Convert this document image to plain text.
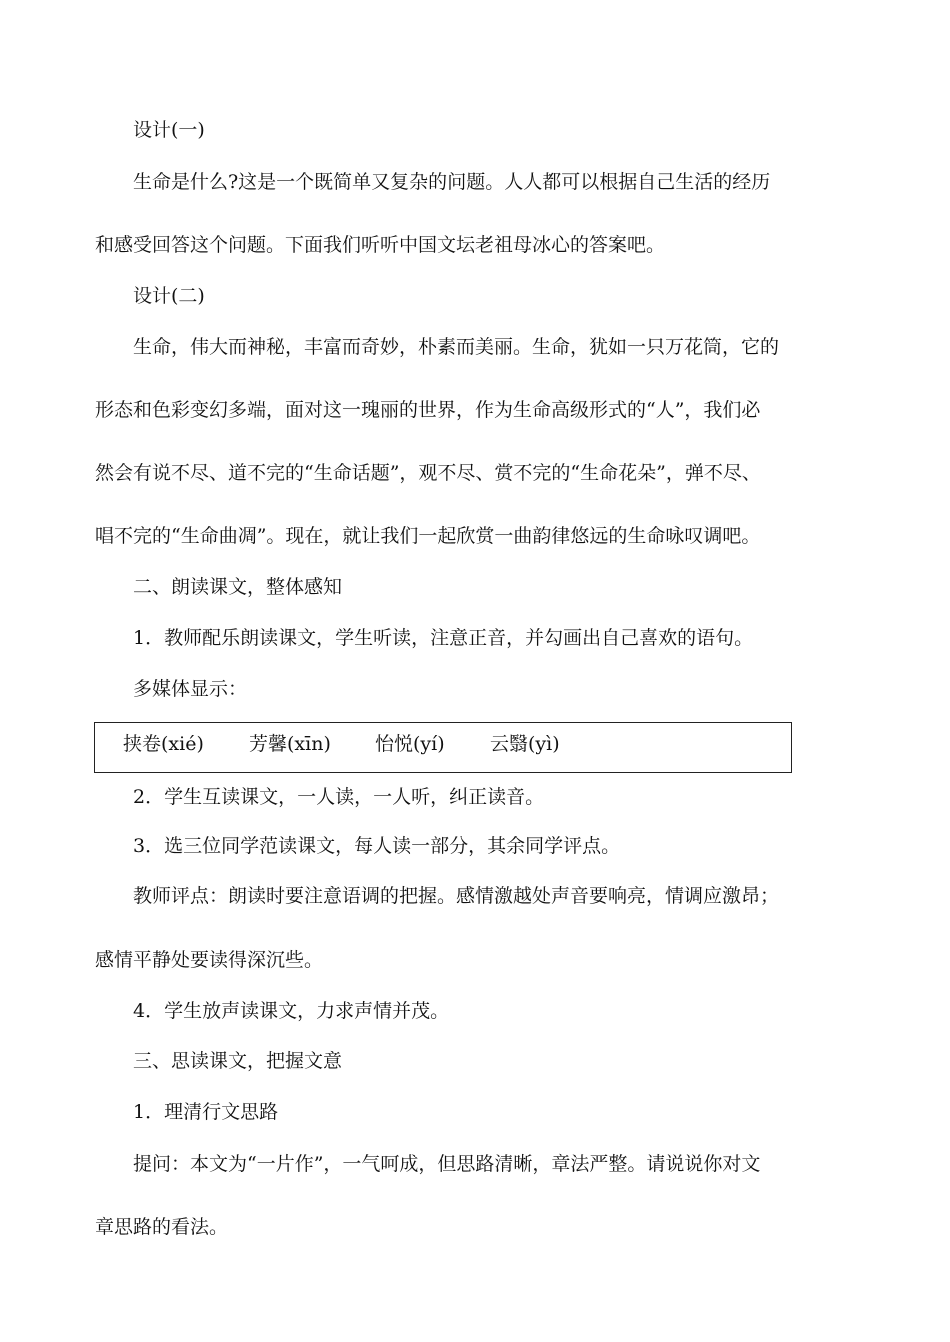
设计(一)

生命是什么?这是一个既简单又复杂的问题。人人都可以根据自己生活的经历

和感受回答这个问题。下面我们听听中国文坛老祖母冰心的答案吧。

设计(二)

生命，伟大而神秘，丰富而奇妙，朴素而美丽。生命，犹如一只万花筒，它的

形态和色彩变幻多端，面对这一瑰丽的世界，作为生命高级形式的“人”，我们必

然会有说不尽、道不完的“生命话题”，观不尽、赏不完的“生命花朵”，弹不尽、

唱不完的“生命曲凋”。现在，就让我们一起欣赏一曲韵律悠远的生命咏叹调吧。

二、朗读课文，整体感知

1．教师配乐朗读课文，学生听读，注意正音，并勾画出自己喜欢的语句。

多媒体显示：

挟卷(xié) 芳馨(xīn) 怡悦(yí) 云翳(yì)

2．学生互读课文，一人读，一人听，纠正读音。

3．选三位同学范读课文，每人读一部分，其余同学评点。

教师评点：朗读时要注意语调的把握。感情激越处声音要响亮，情调应激昂；

感情平静处要读得深沉些。

4．学生放声读课文，力求声情并茂。

三、思读课文，把握文意

1．理清行文思路

提问：本文为“一片作”，一气呵成，但思路清晰，章法严整。请说说你对文

章思路的看法。
